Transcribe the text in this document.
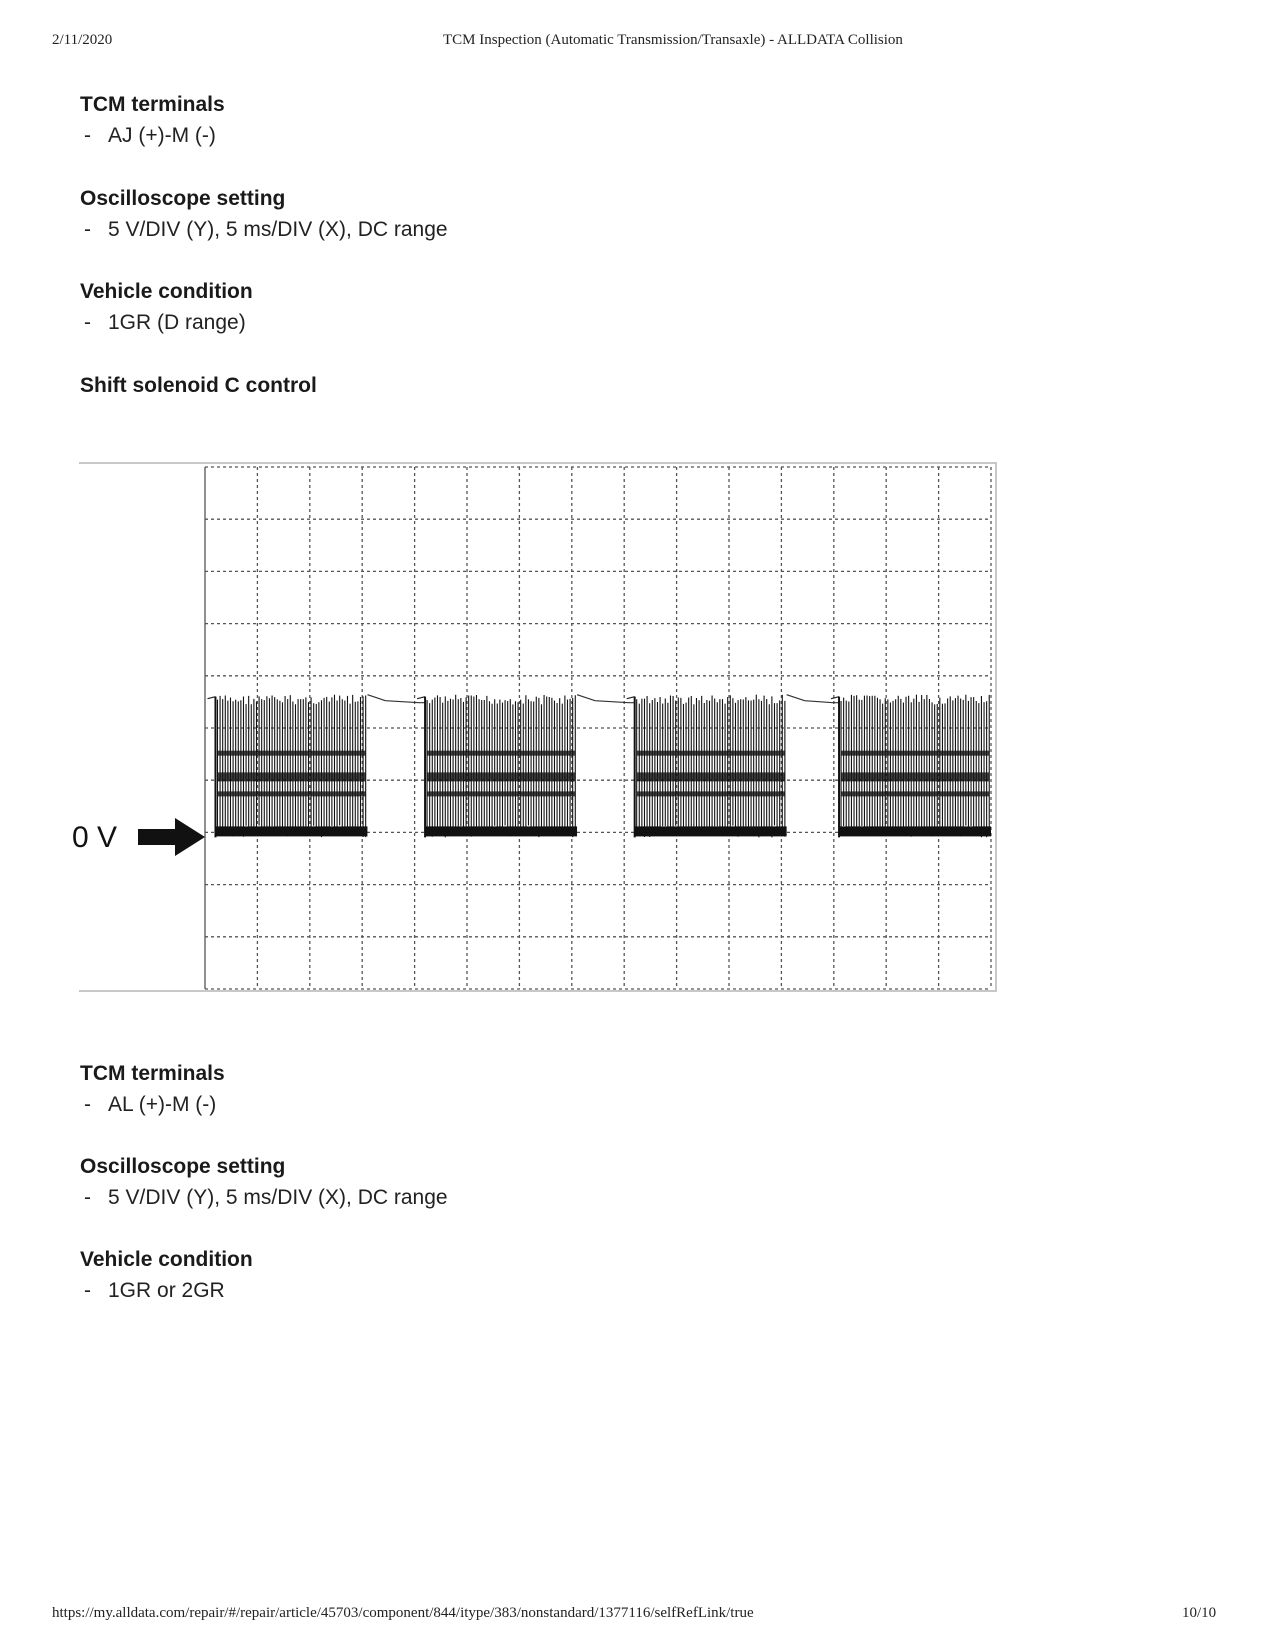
2/11/2020	TCM Inspection (Automatic Transmission/Transaxle) - ALLDATA Collision
TCM terminals
- AJ (+)-M (-)
Oscilloscope setting
- 5 V/DIV (Y), 5 ms/DIV (X), DC range
Vehicle condition
- 1GR (D range)
Shift solenoid C control
0 V
TCM terminals
- AL (+)-M (-)
Oscilloscope setting
- 5 V/DIV (Y), 5 ms/DIV (X), DC range
Vehicle condition
- 1GR or 2GR
https://my.alldata.com/repair/#/repair/article/45703/component/844/itype/383/nonstandard/1377116/selfRefLink/true	10/10
